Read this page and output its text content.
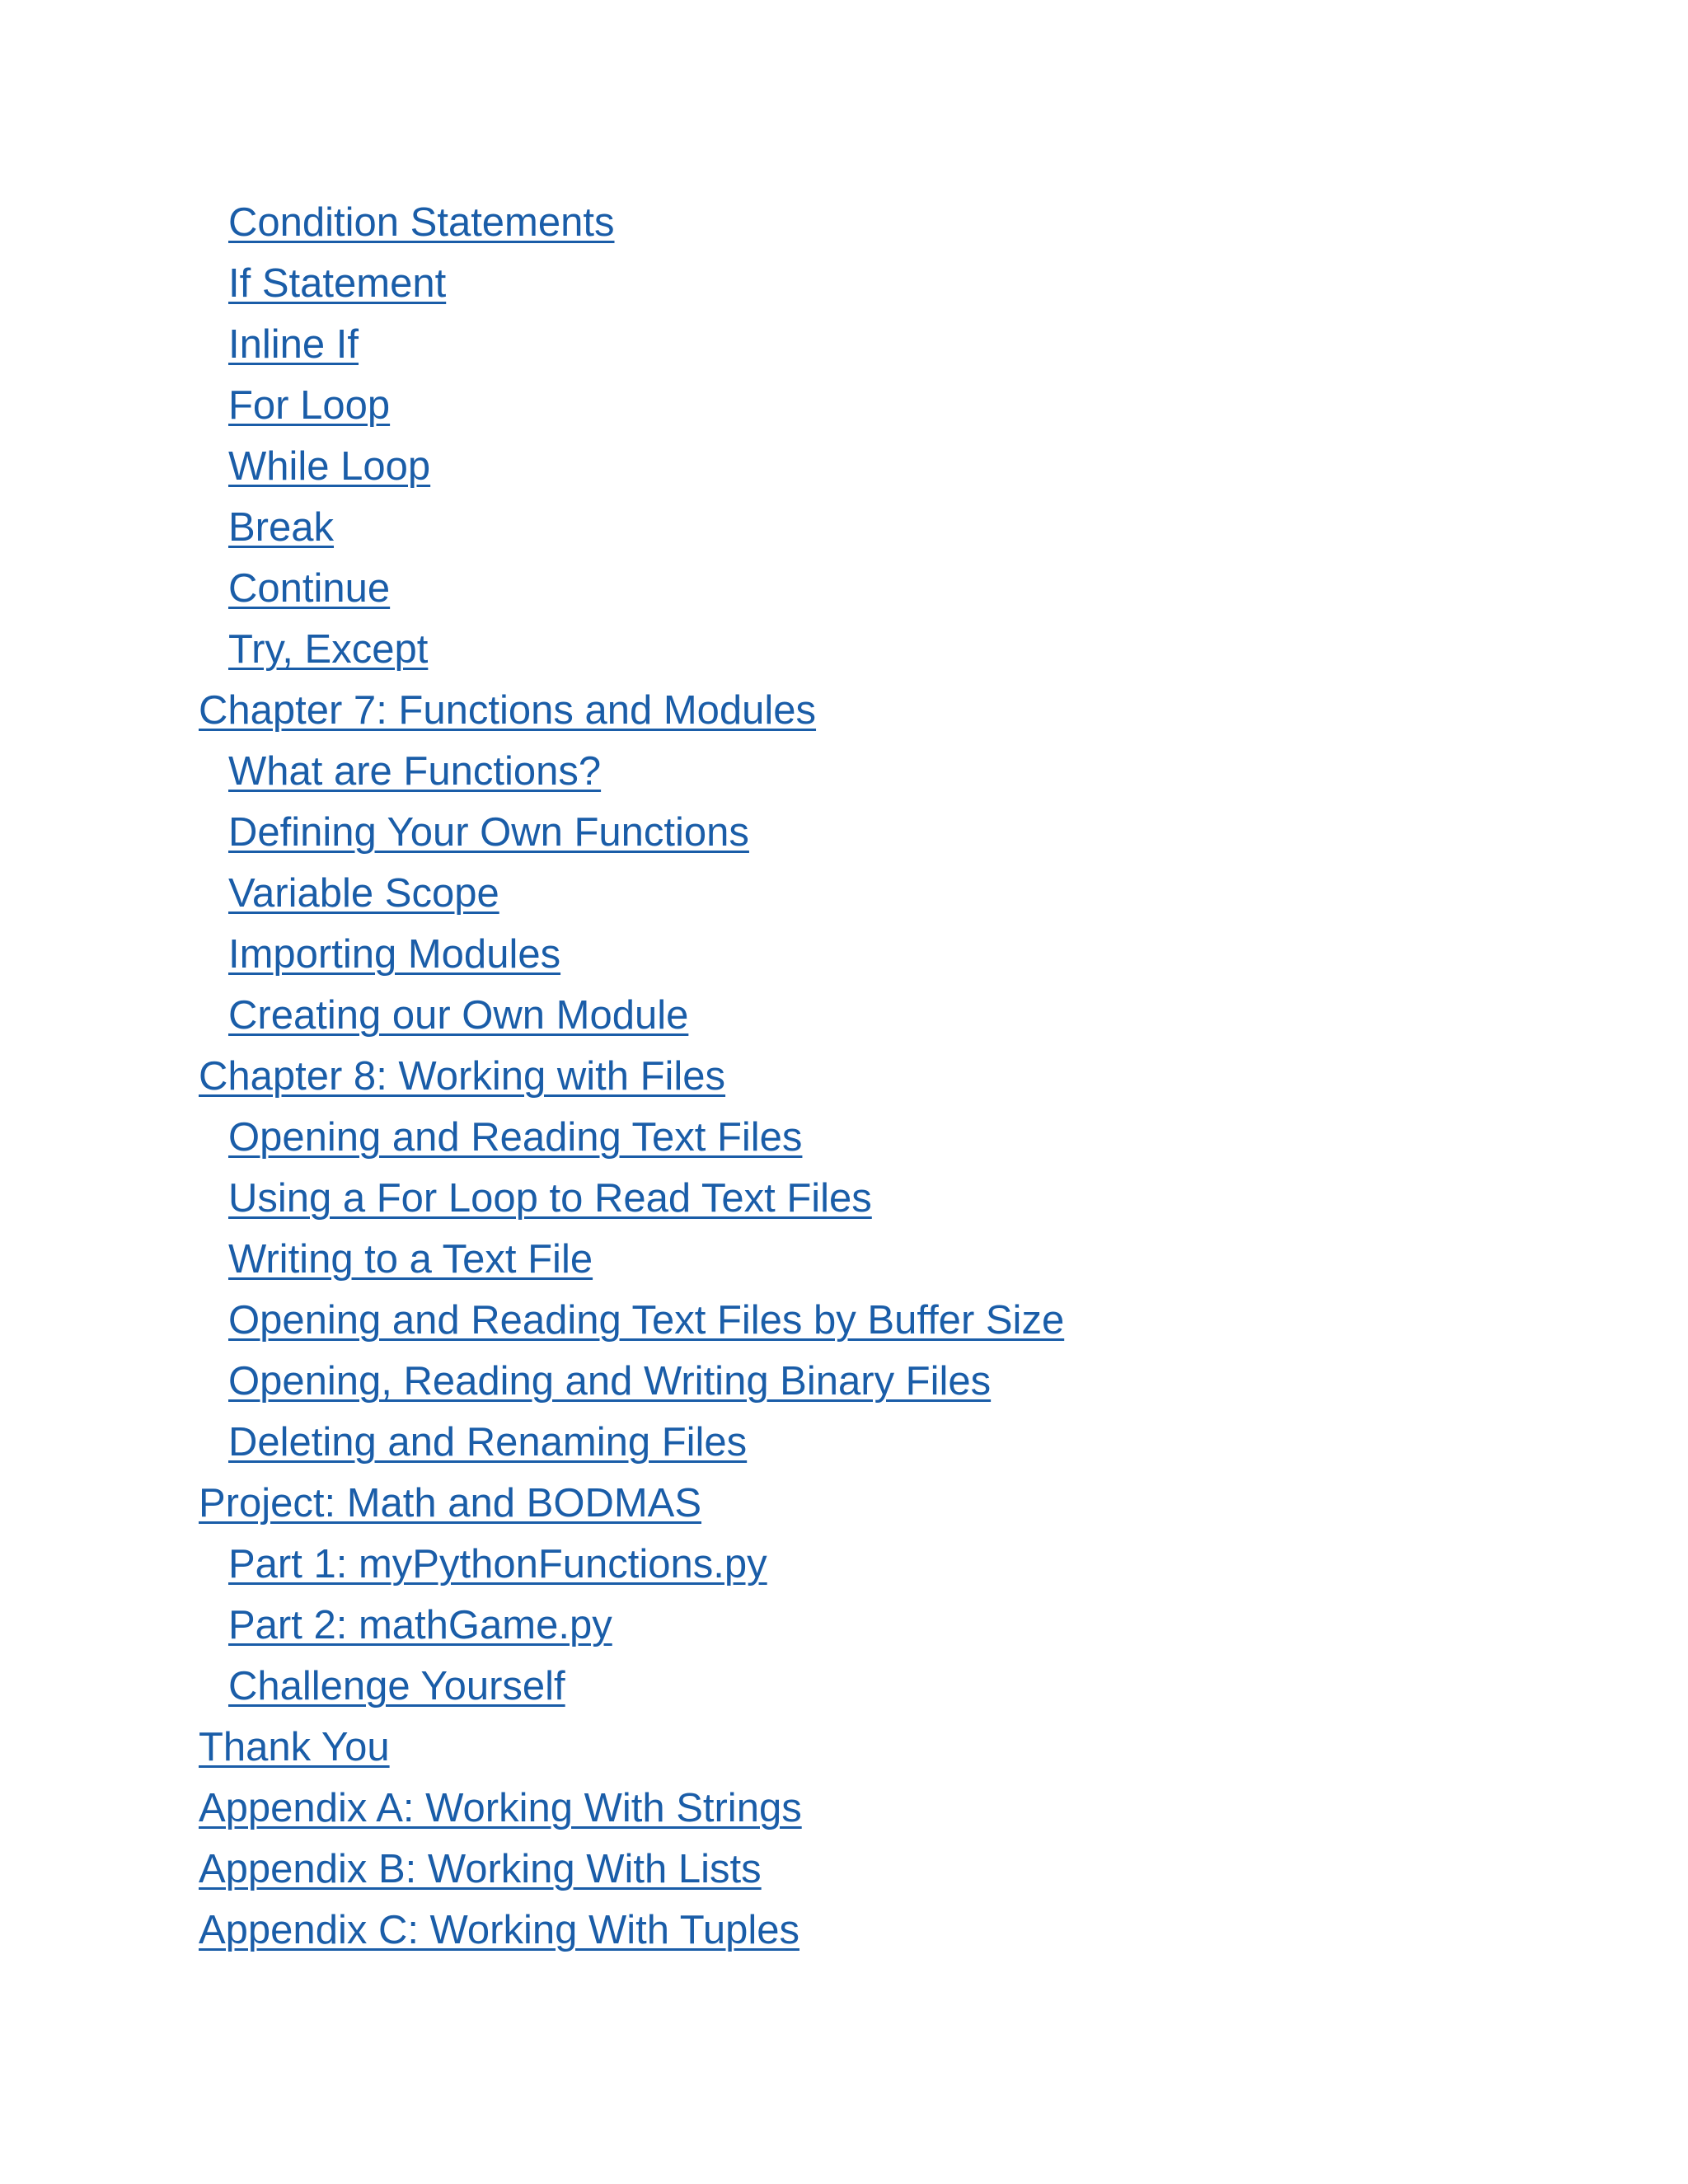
Condition Statements
If Statement
Inline If
For Loop
While Loop
Break
Continue
Try, Except
Chapter 7: Functions and Modules
What are Functions?
Defining Your Own Functions
Variable Scope
Importing Modules
Creating our Own Module
Chapter 8: Working with Files
Opening and Reading Text Files
Using a For Loop to Read Text Files
Writing to a Text File
Opening and Reading Text Files by Buffer Size
Opening, Reading and Writing Binary Files
Deleting and Renaming Files
Project: Math and BODMAS
Part 1: myPythonFunctions.py
Part 2: mathGame.py
Challenge Yourself
Thank You
Appendix A: Working With Strings
Appendix B: Working With Lists
Appendix C: Working With Tuples
